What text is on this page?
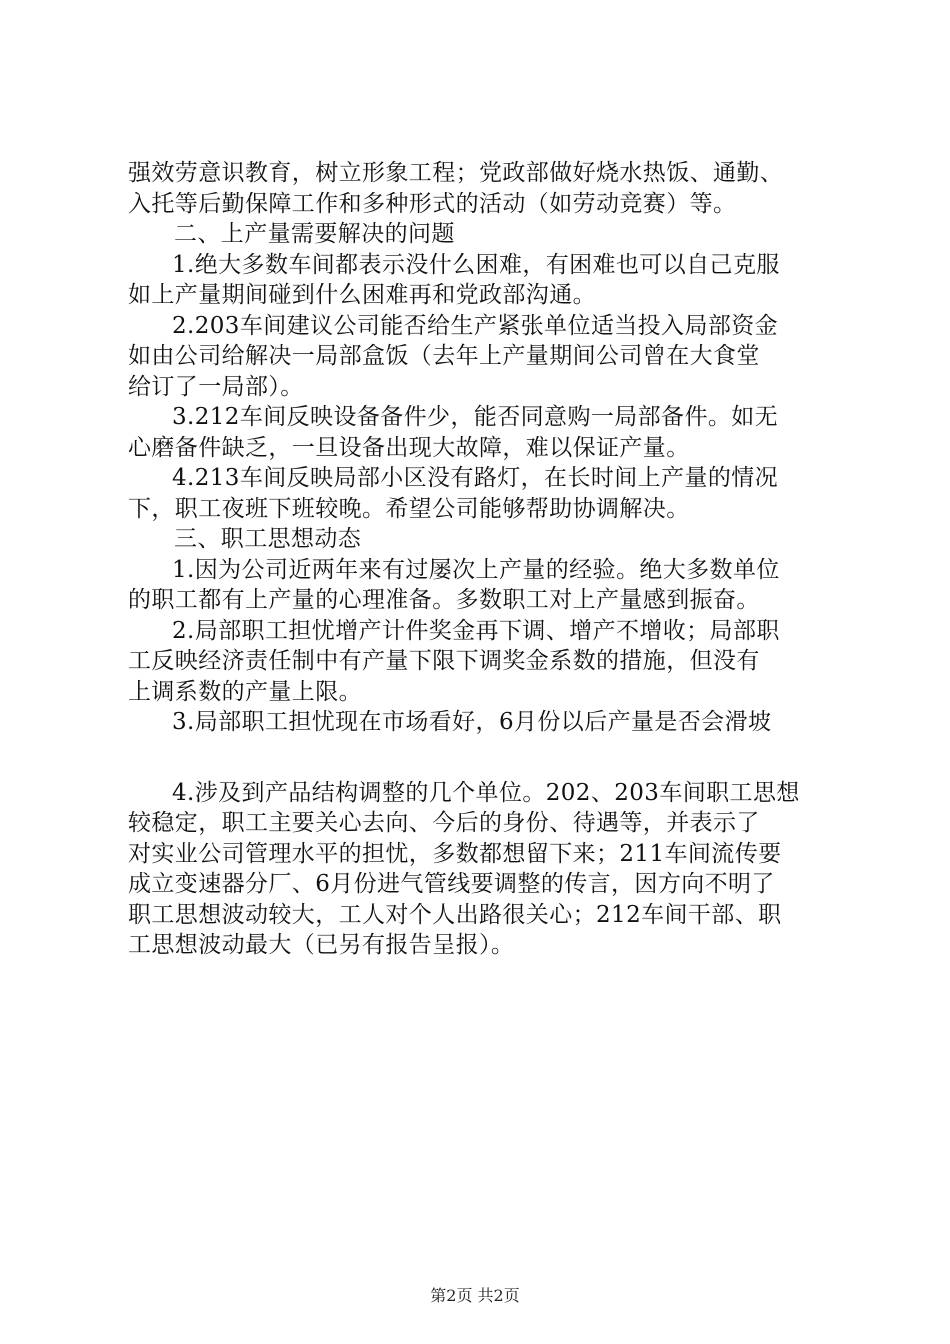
强效劳意识教育，树立形象工程；党政部做好烧水热饭、通勤、
入托等后勤保障工作和多种形式的活动（如劳动竞赛）等。
二、上产量需要解决的问题
1.绝大多数车间都表示没什么困难，有困难也可以自己克服
如上产量期间碰到什么困难再和党政部沟通。
2.203车间建议公司能否给生产紧张单位适当投入局部资金
如由公司给解决一局部盒饭（去年上产量期间公司曾在大食堂
给订了一局部）。
3.212车间反映设备备件少，能否同意购一局部备件。如无
心磨备件缺乏，一旦设备出现大故障，难以保证产量。
4.213车间反映局部小区没有路灯，在长时间上产量的情况
下，职工夜班下班较晚。希望公司能够帮助协调解决。
三、职工思想动态
1.因为公司近两年来有过屡次上产量的经验。绝大多数单位
的职工都有上产量的心理准备。多数职工对上产量感到振奋。
2.局部职工担忧增产计件奖金再下调、增产不增收；局部职
工反映经济责任制中有产量下限下调奖金系数的措施，但没有
上调系数的产量上限。
3.局部职工担忧现在市场看好，6月份以后产量是否会滑坡
4.涉及到产品结构调整的几个单位。202、203车间职工思想
较稳定，职工主要关心去向、今后的身份、待遇等，并表示了
对实业公司管理水平的担忧，多数都想留下来；211车间流传要
成立变速器分厂、6月份进气管线要调整的传言，因方向不明了
职工思想波动较大，工人对个人出路很关心；212车间干部、职
工思想波动最大（已另有报告呈报）。
第2页 共2页
